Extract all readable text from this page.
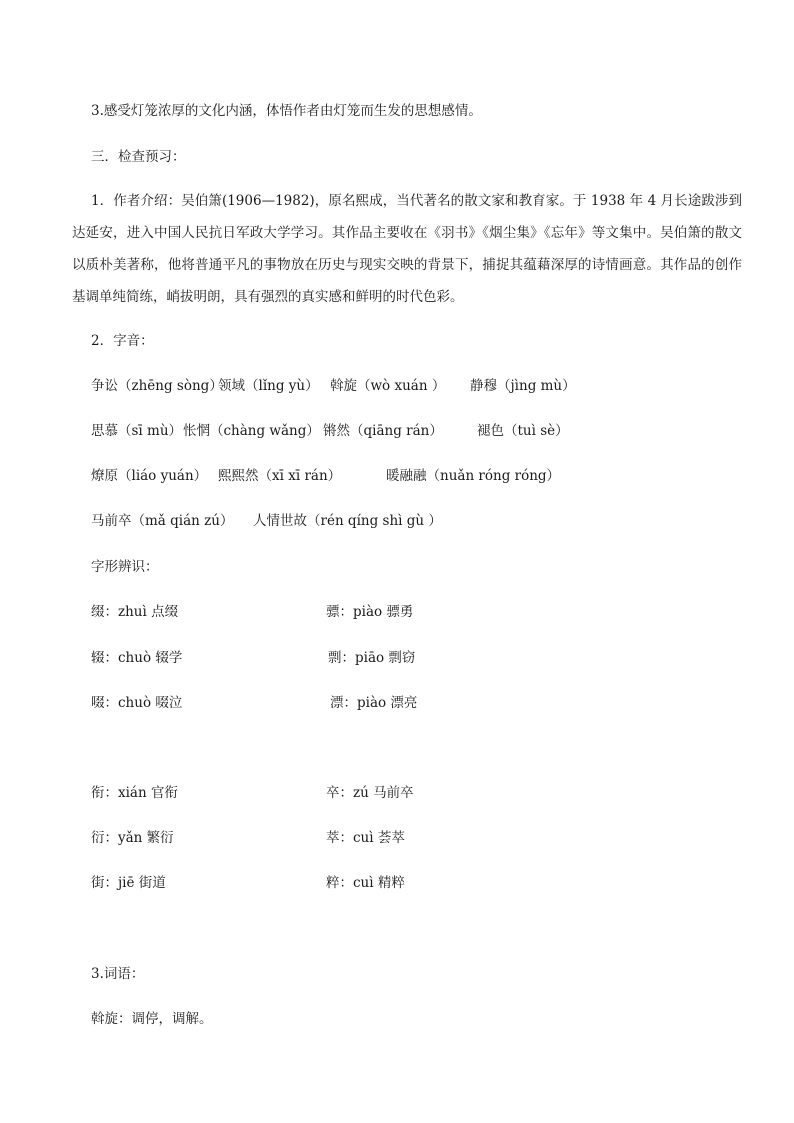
3.感受灯笼浓厚的文化内涵，体悟作者由灯笼而生发的思想感情。
三．检查预习：
1．作者介绍：吴伯箫(1906—1982)，原名熙成，当代著名的散文家和教育家。于 1938 年 4 月长途跋涉到达延安，进入中国人民抗日军政大学学习。其作品主要收在《羽书》《烟尘集》《忘年》等文集中。吴伯箫的散文以质朴美著称，他将普通平凡的事物放在历史与现实交映的背景下，捕捉其蕴藉深厚的诗情画意。其作品的创作基调单纯简练，峭拔明朗，具有强烈的真实感和鲜明的时代色彩。
2．字音：
争讼（zhēng sòng）
领域（lǐng yù） 斡旋（wò xuán ） 静穆（jìng mù）
思慕（sī mù） 怅惘（chàng wǎng） 锵然（qiāng rán）	褪色（tuì sè）
燎原（liáo yuán） 熙熙然（xī xī rán）	暖融融（nuǎn róng róng）
马前卒（mǎ qián zú） 人情世故（rén qíng shì gù ）
字形辨识：
缀：zhuì 点缀	骠：piào 骠勇
辍：chuò 辍学	剽：piāo 剽窃
啜：chuò 啜泣	漂：piào 漂亮
衔：xián 官衔	卒：zú 马前卒
衍：yǎn 繁衍	萃：cuì 荟萃
街：jiē 街道	粹：cuì 精粹
3.词语：
斡旋：调停，调解。
